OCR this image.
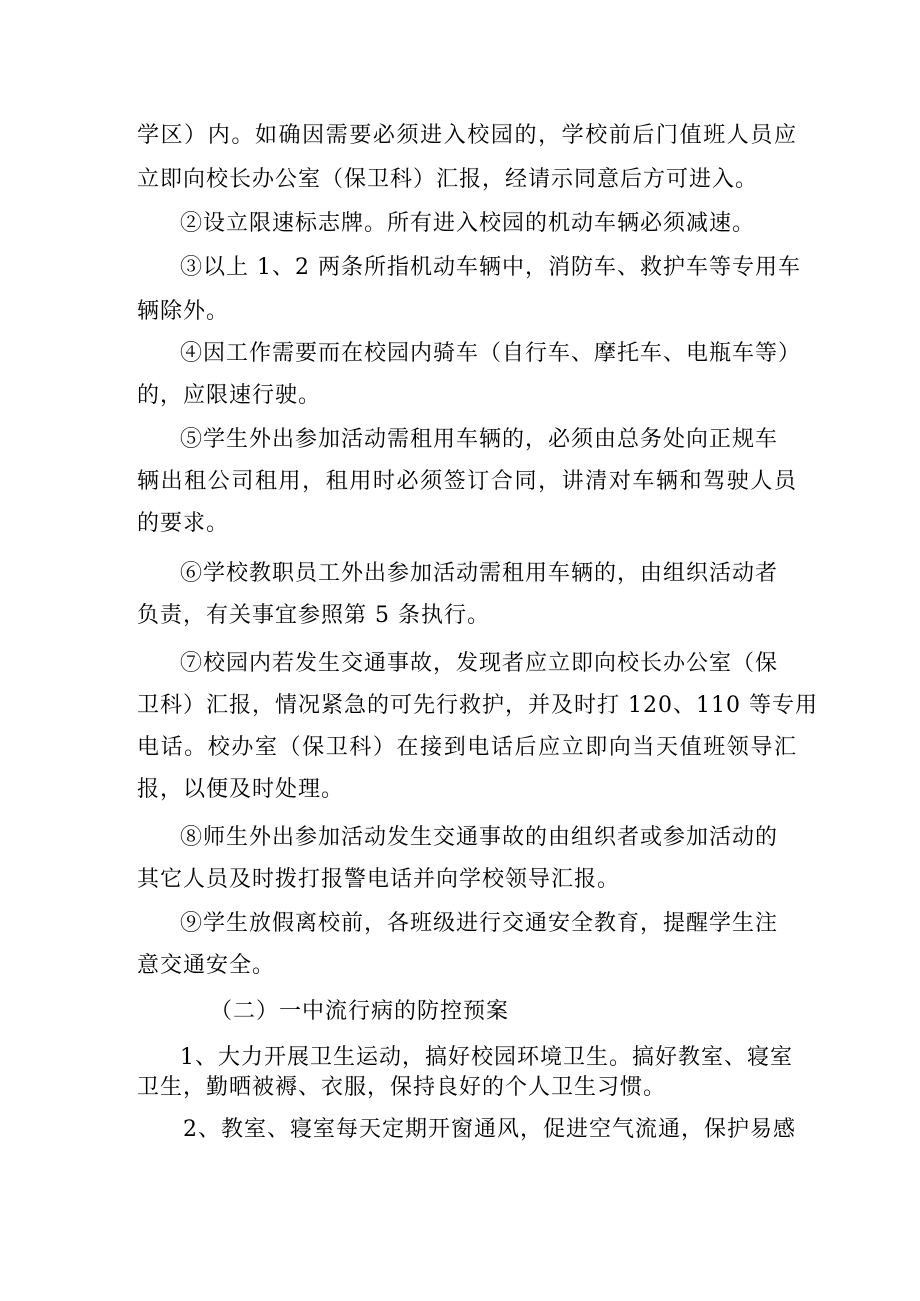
学区）内。如确因需要必须进入校园的，学校前后门值班人员应
立即向校长办公室（保卫科）汇报，经请示同意后方可进入。
②设立限速标志牌。所有进入校园的机动车辆必须减速。
③以上 1、2 两条所指机动车辆中，消防车、救护车等专用车
辆除外。
④因工作需要而在校园内骑车（自行车、摩托车、电瓶车等）
的，应限速行驶。
⑤学生外出参加活动需租用车辆的，必须由总务处向正规车
辆出租公司租用，租用时必须签订合同，讲清对车辆和驾驶人员
的要求。
⑥学校教职员工外出参加活动需租用车辆的，由组织活动者
负责，有关事宜参照第 5 条执行。
⑦校园内若发生交通事故，发现者应立即向校长办公室（保
卫科）汇报，情况紧急的可先行救护，并及时打 120、110 等专用
电话。校办室（保卫科）在接到电话后应立即向当天值班领导汇
报，以便及时处理。
⑧师生外出参加活动发生交通事故的由组织者或参加活动的
其它人员及时拨打报警电话并向学校领导汇报。
⑨学生放假离校前，各班级进行交通安全教育，提醒学生注
意交通安全。
（二）一中流行病的防控预案
1、大力开展卫生运动，搞好校园环境卫生。搞好教室、寝室
卫生，勤晒被褥、衣服，保持良好的个人卫生习惯。
2、教室、寝室每天定期开窗通风，促进空气流通，保护易感
